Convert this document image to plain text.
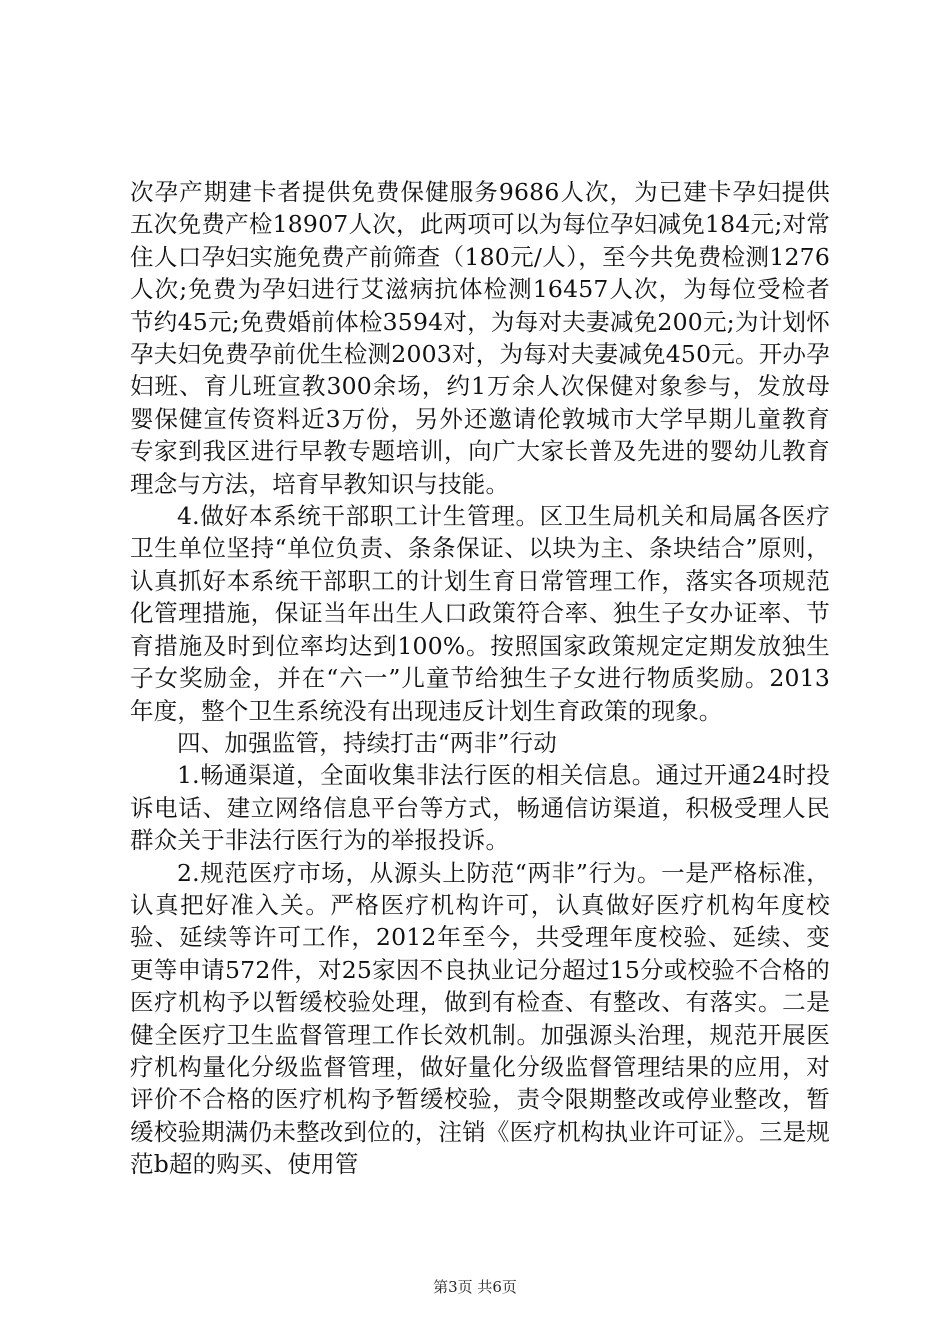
次孕产期建卡者提供免费保健服务9686人次，为已建卡孕妇提供五次免费产检18907人次，此两项可以为每位孕妇减免184元;对常住人口孕妇实施免费产前筛查（180元/人），至今共免费检测1276人次;免费为孕妇进行艾滋病抗体检测16457人次，为每位受检者节约45元;免费婚前体检3594对，为每对夫妻减免200元;为计划怀孕夫妇免费孕前优生检测2003对，为每对夫妻减免450元。开办孕妇班、育儿班宣教300余场，约1万余人次保健对象参与，发放母婴保健宣传资料近3万份，另外还邀请伦敦城市大学早期儿童教育专家到我区进行早教专题培训，向广大家长普及先进的婴幼儿教育理念与方法，培育早教知识与技能。

4.做好本系统干部职工计生管理。区卫生局机关和局属各医疗卫生单位坚持“单位负责、条条保证、以块为主、条块结合”原则，认真抓好本系统干部职工的计划生育日常管理工作，落实各项规范化管理措施，保证当年出生人口政策符合率、独生子女办证率、节育措施及时到位率均达到100%。按照国家政策规定定期发放独生子女奖励金，并在“六一”儿童节给独生子女进行物质奖励。2013年度，整个卫生系统没有出现违反计划生育政策的现象。

四、加强监管，持续打击“两非”行动

1.畅通渠道，全面收集非法行医的相关信息。通过开通24时投诉电话、建立网络信息平台等方式，畅通信访渠道，积极受理人民群众关于非法行医行为的举报投诉。

2.规范医疗市场，从源头上防范“两非”行为。一是严格标准，认真把好准入关。严格医疗机构许可，认真做好医疗机构年度校验、延续等许可工作，2012年至今，共受理年度校验、延续、变更等申请572件，对25家因不良执业记分超过15分或校验不合格的医疗机构予以暂缓校验处理，做到有检查、有整改、有落实。二是健全医疗卫生监督管理工作长效机制。加强源头治理，规范开展医疗机构量化分级监督管理，做好量化分级监督管理结果的应用，对评价不合格的医疗机构予暂缓校验，责令限期整改或停业整改，暂缓校验期满仍未整改到位的，注销《医疗机构执业许可证》。三是规范b超的购买、使用管

第3页 共6页
